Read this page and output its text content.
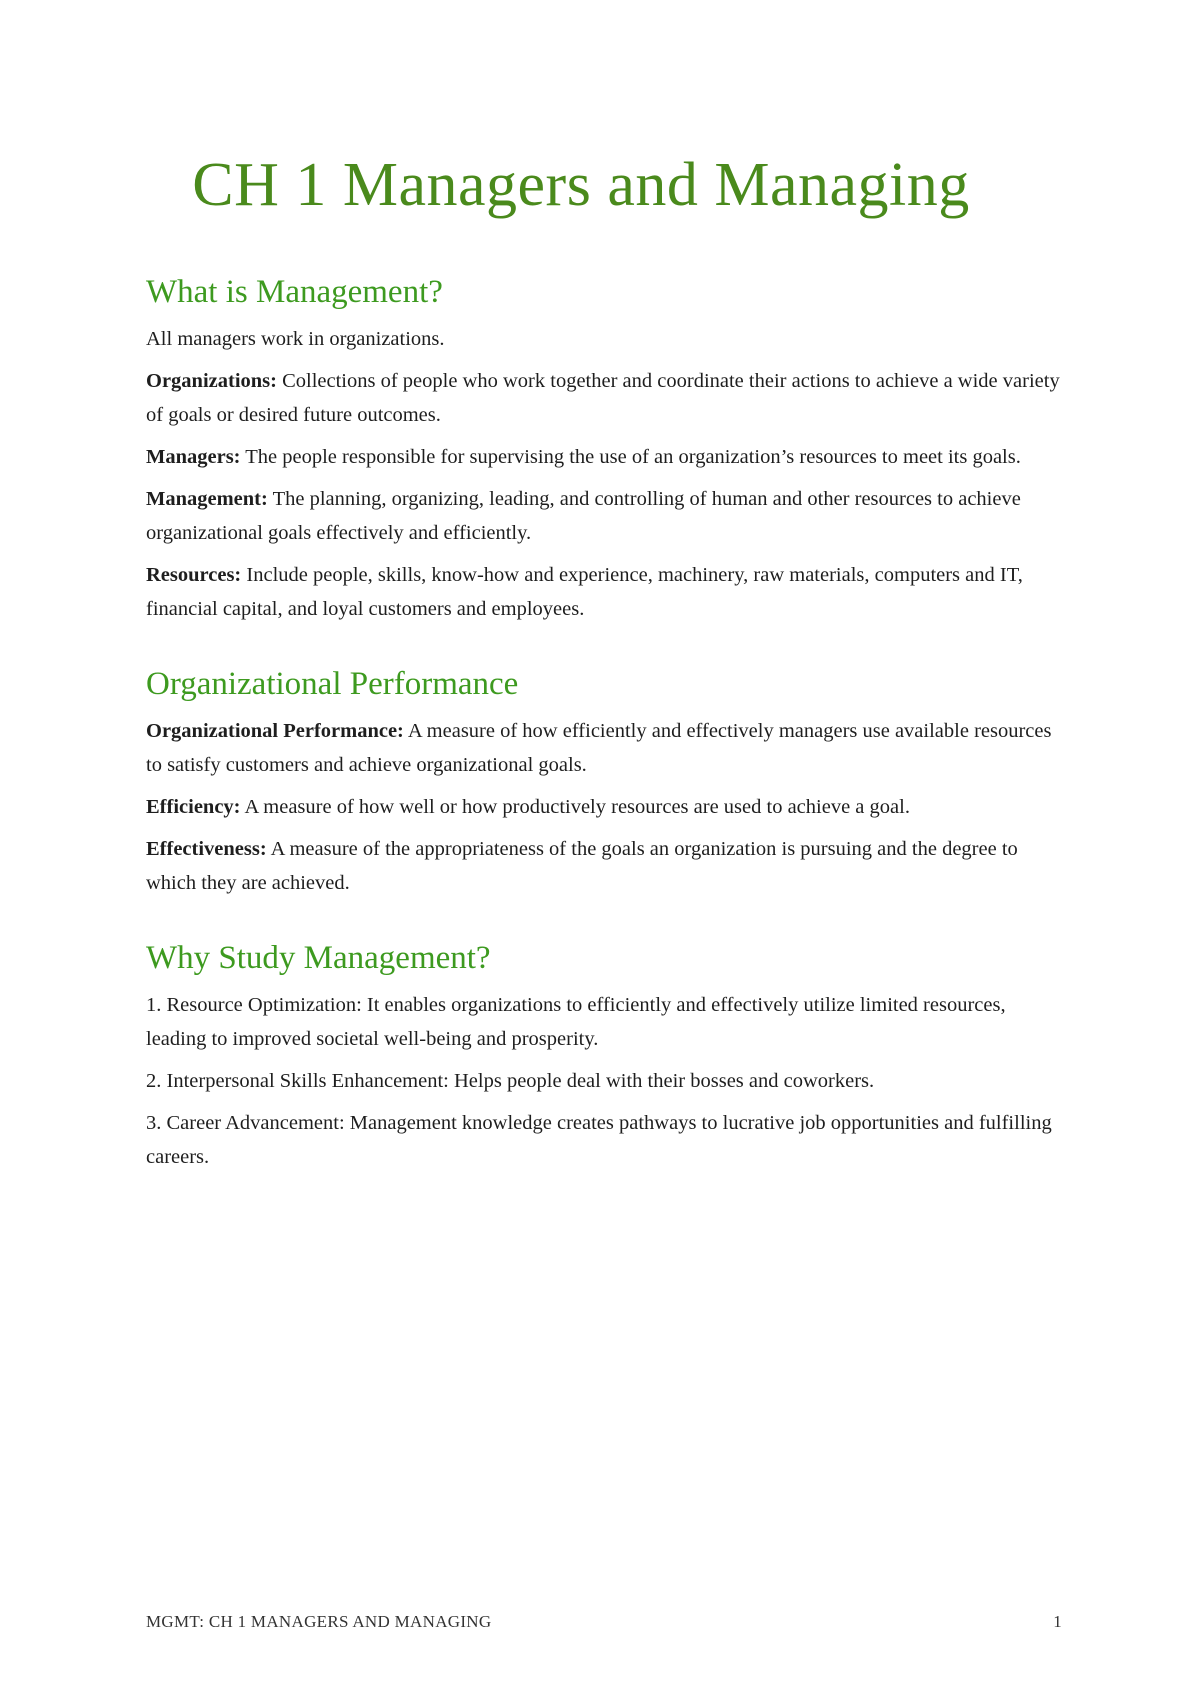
CH 1 Managers and Managing
What is Management?

All managers work in organizations.

Organizations: Collections of people who work together and coordinate their actions to achieve a wide variety of goals or desired future outcomes.

Managers: The people responsible for supervising the use of an organization’s resources to meet its goals.

Management: The planning, organizing, leading, and controlling of human and other resources to achieve organizational goals effectively and efficiently.

Resources: Include people, skills, know-how and experience, machinery, raw materials, computers and IT, financial capital, and loyal customers and employees.

Organizational Performance

Organizational Performance: A measure of how efficiently and effectively managers use available resources to satisfy customers and achieve organizational goals.

Efficiency: A measure of how well or how productively resources are used to achieve a goal.

Effectiveness: A measure of the appropriateness of the goals an organization is pursuing and the degree to which they are achieved.

Why Study Management?

1. Resource Optimization: It enables organizations to efficiently and effectively utilize limited resources, leading to improved societal well-being and prosperity.

2. Interpersonal Skills Enhancement: Helps people deal with their bosses and coworkers.

3. Career Advancement: Management knowledge creates pathways to lucrative job opportunities and fulfilling careers.

MGMT: CH 1 MANAGERS AND MANAGING	1
